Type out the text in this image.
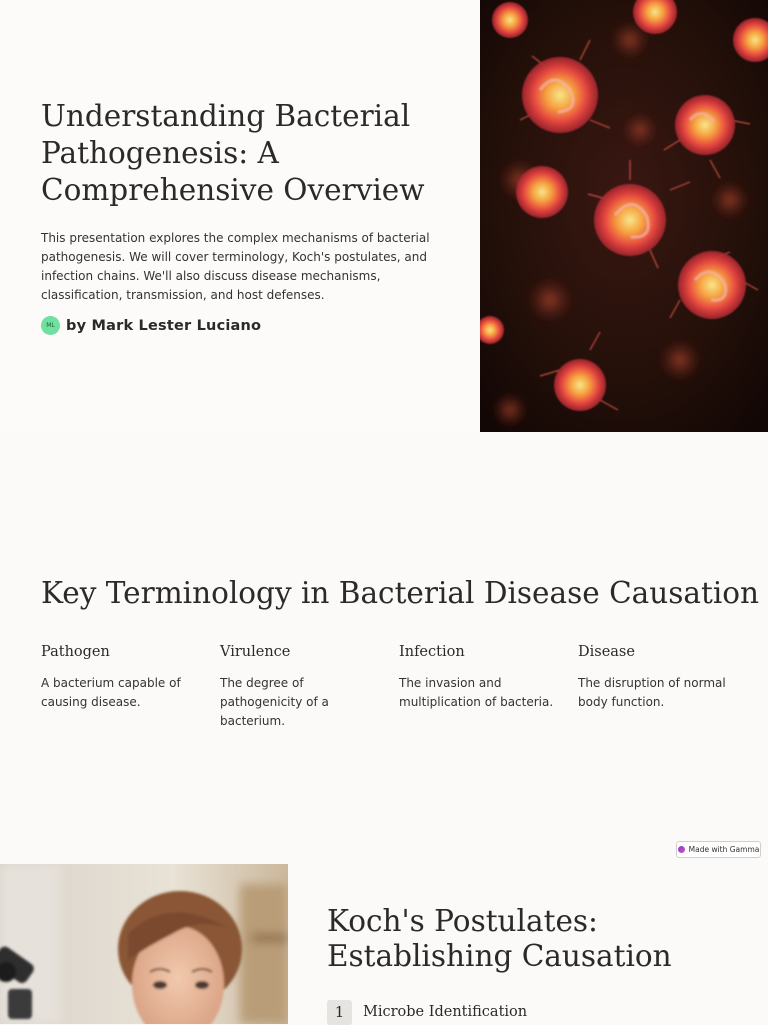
Understanding Bacterial Pathogenesis: A Comprehensive Overview

This presentation explores the complex mechanisms of bacterial pathogenesis. We will cover terminology, Koch's postulates, and infection chains. We'll also discuss disease mechanisms, classification, transmission, and host defenses.

ML by Mark Lester Luciano
Key Terminology in Bacterial Disease Causation
Pathogen

A bacterium capable of causing disease.

Virulence

The degree of pathogenicity of a bacterium.

Infection

The invasion and multiplication of bacteria.

Disease

The disruption of normal body function.

Made with Gamma
Koch's Postulates: Establishing Causation
1	Microbe Identification
